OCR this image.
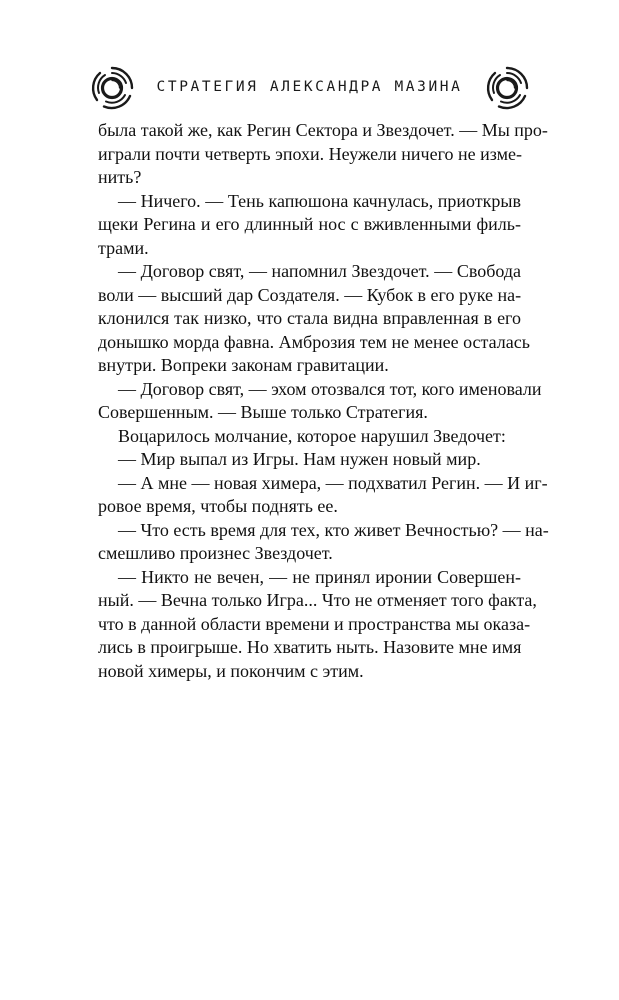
СТРАТЕГИЯ АЛЕКСАНДРА МАЗИНА
была такой же, как Регин Сектора и Звездочет. — Мы про-
играли почти четверть эпохи. Неужели ничего не изме-
нить?
— Ничего. — Тень капюшона качнулась, приоткрыв
щеки Регина и его длинный нос с вживленными филь-
трами.
— Договор свят, — напомнил Звездочет. — Свобода
воли — высший дар Создателя. — Кубок в его руке на-
клонился так низко, что стала видна вправленная в его
донышко морда фавна. Амброзия тем не менее осталась
внутри. Вопреки законам гравитации.
— Договор свят, — эхом отозвался тот, кого именовали
Совершенным. — Выше только Стратегия.
Воцарилось молчание, которое нарушил Зведочет:
— Мир выпал из Игры. Нам нужен новый мир.
— А мне — новая химера, — подхватил Регин. — И иг-
ровое время, чтобы поднять ее.
— Что есть время для тех, кто живет Вечностью? — на-
смешливо произнес Звездочет.
— Никто не вечен, — не принял иронии Совершен-
ный. — Вечна только Игра... Что не отменяет того факта,
что в данной области времени и пространства мы оказа-
лись в проигрыше. Но хватить ныть. Назовите мне имя
новой химеры, и покончим с этим.
